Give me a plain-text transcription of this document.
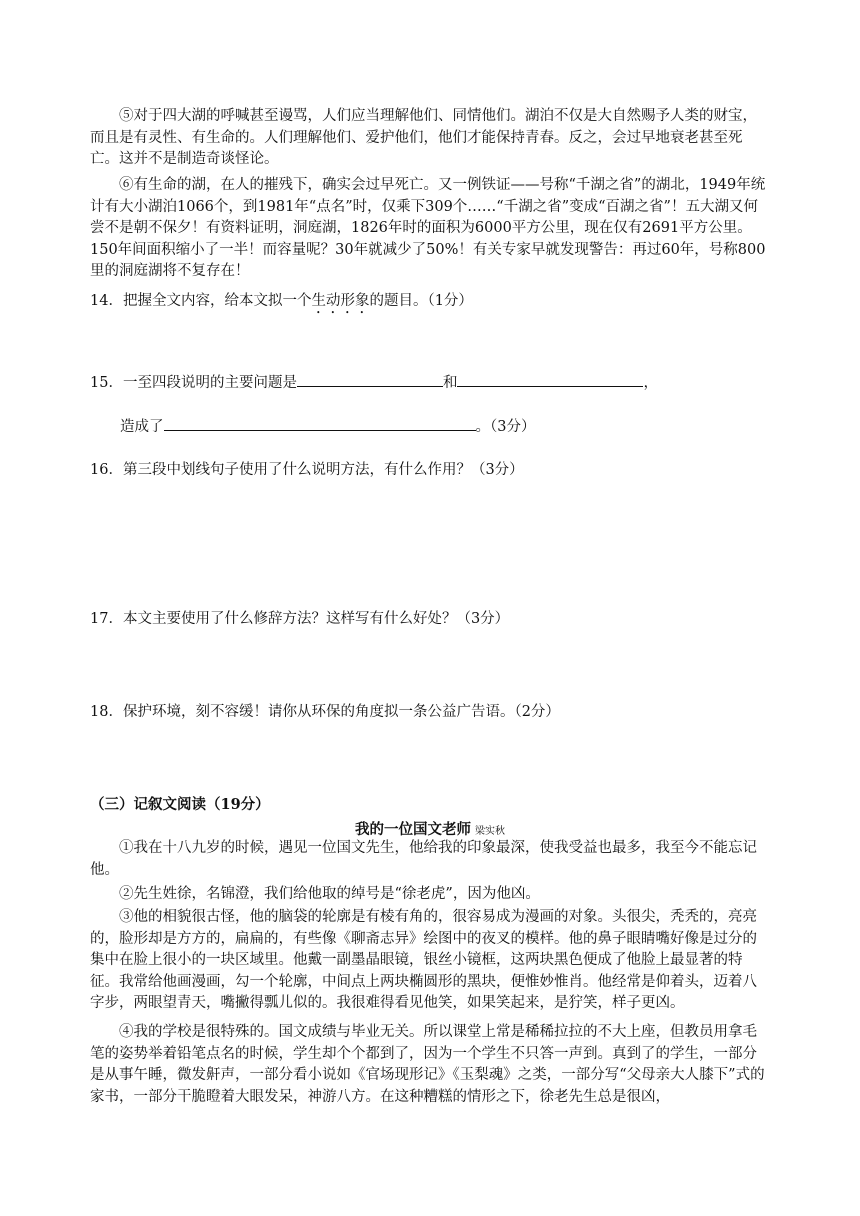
⑤对于四大湖的呼喊甚至谩骂，人们应当理解他们、同情他们。湖泊不仅是大自然赐予人类的财宝，而且是有灵性、有生命的。人们理解他们、爱护他们，他们才能保持青春。反之，会过早地衰老甚至死亡。这并不是制造奇谈怪论。

⑥有生命的湖，在人的摧残下，确实会过早死亡。又一例铁证——号称“千湖之省”的湖北，1949年统计有大小湖泊1066个，到1981年“点名”时，仅乘下309个……“千湖之省”变成“百湖之省”！五大湖又何尝不是朝不保夕！有资料证明，洞庭湖，1826年时的面积为6000平方公里，现在仅有2691平方公里。150年间面积缩小了一半！而容量呢？30年就减少了50%！有关专家早就发现警告：再过60年，号称800里的洞庭湖将不复存在！

14．把握全文内容，给本文拟一个生动形象的题目。（1分）

15．一至四段说明的主要问题是	和	，

造成了	。（3分）

16．第三段中划线句子使用了什么说明方法，有什么作用？（3分）

17．本文主要使用了什么修辞方法？这样写有什么好处？（3分）

18．保护环境，刻不容缓！请你从环保的角度拟一条公益广告语。（2分）

（三）记叙文阅读（19分）

我的一位国文老师 梁实秋

①我在十八九岁的时候，遇见一位国文先生，他给我的印象最深，使我受益也最多，我至今不能忘记他。

②先生姓徐，名锦澄，我们给他取的绰号是“徐老虎”，因为他凶。

③他的相貌很古怪，他的脑袋的轮廓是有棱有角的，很容易成为漫画的对象。头很尖，秃秃的，亮亮的，脸形却是方方的，扁扁的，有些像《聊斋志异》绘图中的夜叉的模样。他的鼻子眼睛嘴好像是过分的集中在脸上很小的一块区域里。他戴一副墨晶眼镜，银丝小镜框，这两块黑色便成了他脸上最显著的特征。我常给他画漫画，勾一个轮廓，中间点上两块椭圆形的黑块，便惟妙惟肖。他经常是仰着头，迈着八字步，两眼望青天，嘴撇得瓢儿似的。我很难得看见他笑，如果笑起来，是狞笑，样子更凶。

④我的学校是很特殊的。国文成绩与毕业无关。所以课堂上常是稀稀拉拉的不大上座，但教员用拿毛笔的姿势举着铅笔点名的时候，学生却个个都到了，因为一个学生不只答一声到。真到了的学生，一部分是从事午睡，微发鼾声，一部分看小说如《官场现形记》《玉梨魂》之类，一部分写“父母亲大人膝下”式的家书，一部分干脆瞪着大眼发呆，神游八方。在这种糟糕的情形之下，徐老先生总是很凶，
